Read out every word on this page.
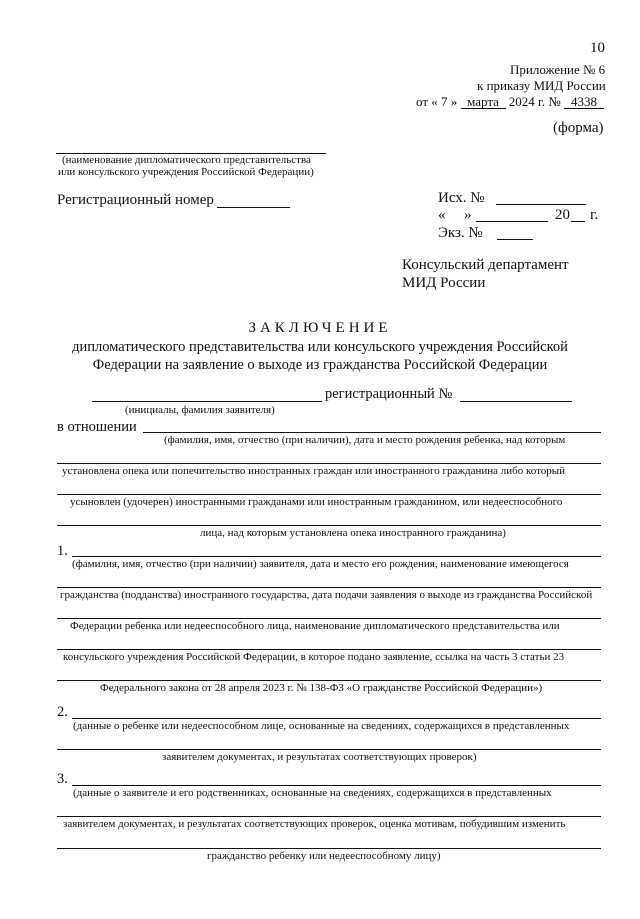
10
Приложение № 6
к приказу МИД России
от « 7 » марта 2024 г. № 4338
(форма)
(наименование дипломатического представительства
или консульского учреждения Российской Федерации)
Регистрационный номер	Исх. №
« »	20 г.
Экз. №
Консульский департамент
МИД России
ЗАКЛЮЧЕНИЕ
дипломатического представительства или консульского учреждения Российской
Федерации на заявление о выходе из гражданства Российской Федерации
регистрационный №
(инициалы, фамилия заявителя)
в отношении
(фамилия, имя, отчество (при наличии), дата и место рождения ребенка, над которым
установлена опека или попечительство иностранных граждан или иностранного гражданина либо который
усыновлен (удочерен) иностранными гражданами или иностранным гражданином, или недееспособного
лица, над которым установлена опека иностранного гражданина)
1.
(фамилия, имя, отчество (при наличии) заявителя, дата и место его рождения, наименование имеющегося
гражданства (подданства) иностранного государства, дата подачи заявления о выходе из гражданства Российской
Федерации ребенка или недееспособного лица, наименование дипломатического представительства или
консульского учреждения Российской Федерации, в которое подано заявление, ссылка на часть 3 статьи 23
Федерального закона от 28 апреля 2023 г. № 138-ФЗ «О гражданстве Российской Федерации»)
2.
(данные о ребенке или недееспособном лице, основанные на сведениях, содержащихся в представленных
заявителем документах, и результатах соответствующих проверок)
3.
(данные о заявителе и его родственниках, основанные на сведениях, содержащихся в представленных
заявителем документах, и результатах соответствующих проверок, оценка мотивам, побудившим изменить
гражданство ребенку или недееспособному лицу)
